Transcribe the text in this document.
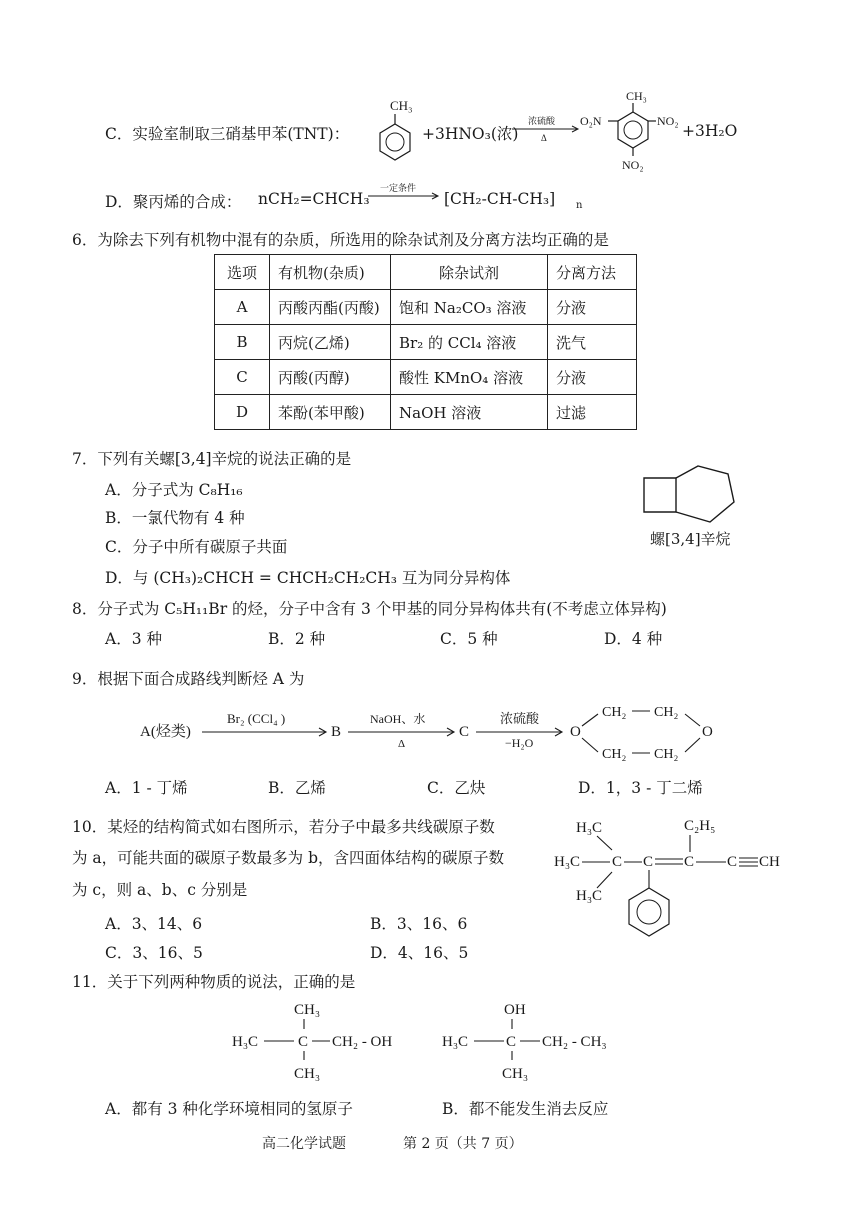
C．实验室制取三硝基甲苯(TNT)：
CH₃
+3HNO₃(浓)
浓硫酸
Δ
CH₃
O₂N	NO₂
NO₂
+3H₂O
D．聚丙烯的合成： nCH₂=CHCH₃
一定条件
[CH₂-CH-CH₃] n
6．为除去下列有机物中混有的杂质，所选用的除杂试剂及分离方法均正确的是
选项	有机物(杂质)	除杂试剂	分离方法
A	丙酸丙酯(丙酸)	饱和 Na₂CO₃ 溶液	分液
B	丙烷(乙烯)	Br₂ 的 CCl₄ 溶液	洗气
C	丙酸(丙醇)	酸性 KMnO₄ 溶液	分液
D	苯酚(苯甲酸)	NaOH 溶液	过滤
7．下列有关螺[3,4]辛烷的说法正确的是
A．分子式为 C₈H₁₆
B．一氯代物有 4 种
C．分子中所有碳原子共面
D．与 (CH₃)₂CHCH = CHCH₂CH₂CH₃ 互为同分异构体
螺[3,4]辛烷
8．分子式为 C₅H₁₁Br 的烃，分子中含有 3 个甲基的同分异构体共有(不考虑立体异构)
A．3 种	B．2 种	C．5 种	D．4 种
9．根据下面合成路线判断烃 A 为
A(烃类)
Br₂ (CCl₄ )
B
NaOH、水
Δ
C
浓硫酸
−H₂O
O
CH₂ CH₂
CH₂ CH₂
O
A．1 - 丁烯	B．乙烯	C．乙炔	D．1，3 - 丁二烯
10．某烃的结构简式如右图所示，若分子中最多共线碳原子数
为 a，可能共面的碳原子数最多为 b，含四面体结构的碳原子数
为 c，则 a、b、c 分别是
A．3、14、6	B．3、16、6
C．3、16、5	D．4、16、5
H₃C
H₃C
H₃C
C C C
C₂H₅
C CH
11．关于下列两种物质的说法，正确的是
CH₃
H₃C	C CH₂ - OH
CH₃
OH
H₃C	C CH₂ - CH₃
CH₃
A．都有 3 种化学环境相同的氢原子	B．都不能发生消去反应
高二化学试题	第 2 页（共 7 页）
